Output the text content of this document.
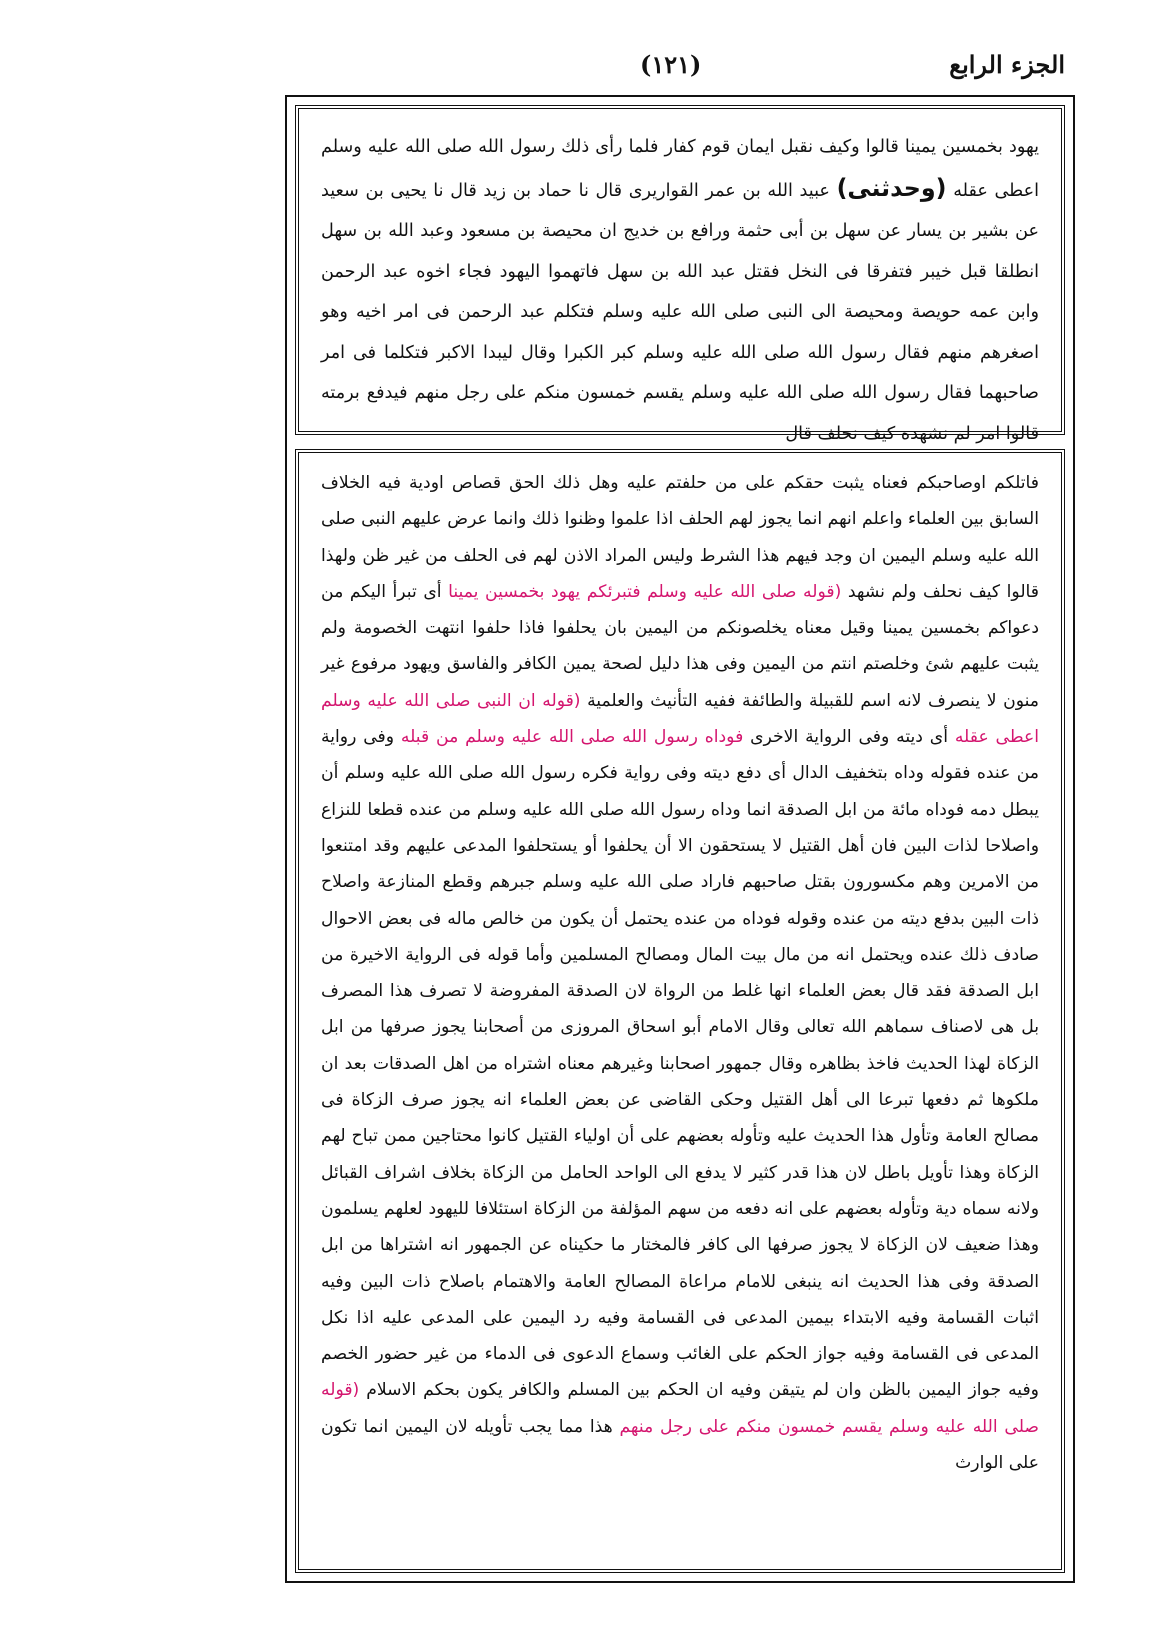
الجزء الرابع
(١٢١)

يهود بخمسين يمينا قالوا وكيف نقبل ايمان قوم كفار فلما رأى ذلك رسول الله صلى الله عليه وسلم اعطى عقله (وحدثنى) عبيد الله بن عمر القواريرى قال نا حماد بن زيد قال نا يحيى بن سعيد عن بشير بن يسار عن سهل بن أبى حثمة ورافع بن خديج ان محيصة بن مسعود وعبد الله بن سهل انطلقا قبل خيبر فتفرقا فى النخل فقتل عبد الله بن سهل فاتهموا اليهود فجاء اخوه عبد الرحمن وابن عمه حويصة ومحيصة الى النبى صلى الله عليه وسلم فتكلم عبد الرحمن فى امر اخيه وهو اصغرهم منهم فقال رسول الله صلى الله عليه وسلم كبر الكبرا وقال ليبدا الاكبر فتكلما فى امر صاحبهما فقال رسول الله صلى الله عليه وسلم يقسم خمسون منكم على رجل منهم فيدفع برمته قالوا امر لم نشهده كيف نحلف قال

فاتلكم اوصاحبكم فعناه يثبت حقكم على من حلفتم عليه وهل ذلك الحق قصاص اودية فيه الخلاف السابق بين العلماء واعلم انهم انما يجوز لهم الحلف اذا علموا وظنوا ذلك وانما عرض عليهم النبى صلى الله عليه وسلم اليمين ان وجد فيهم هذا الشرط وليس المراد الاذن لهم فى الحلف من غير ظن ولهذا قالوا كيف نحلف ولم نشهد (قوله صلى الله عليه وسلم فتبرئكم يهود بخمسين يمينا أى تبرأ اليكم من دعواكم بخمسين يمينا وقيل معناه يخلصونكم من اليمين بان يحلفوا فاذا حلفوا انتهت الخصومة ولم يثبت عليهم شئ وخلصتم انتم من اليمين وفى هذا دليل لصحة يمين الكافر والفاسق ويهود مرفوع غير منون لا ينصرف لانه اسم للقبيلة والطائفة ففيه التأنيث والعلمية (قوله ان النبى صلى الله عليه وسلم اعطى عقله أى ديته وفى الرواية الاخرى فوداه رسول الله صلى الله عليه وسلم من قبله وفى رواية من عنده فقوله وداه بتخفيف الدال أى دفع ديته وفى رواية فكره رسول الله صلى الله عليه وسلم أن يبطل دمه فوداه مائة من ابل الصدقة انما وداه رسول الله صلى الله عليه وسلم من عنده قطعا للنزاع واصلاحا لذات البين فان أهل القتيل لا يستحقون الا أن يحلفوا أو يستحلفوا المدعى عليهم وقد امتنعوا من الامرين وهم مكسورون بقتل صاحبهم فاراد صلى الله عليه وسلم جبرهم وقطع المنازعة واصلاح ذات البين بدفع ديته من عنده وقوله فوداه من عنده يحتمل أن يكون من خالص ماله فى بعض الاحوال صادف ذلك عنده ويحتمل انه من مال بيت المال ومصالح المسلمين وأما قوله فى الرواية الاخيرة من ابل الصدقة فقد قال بعض العلماء انها غلط من الرواة لان الصدقة المفروضة لا تصرف هذا المصرف بل هى لاصناف سماهم الله تعالى وقال الامام أبو اسحاق المروزى من أصحابنا يجوز صرفها من ابل الزكاة لهذا الحديث فاخذ بظاهره وقال جمهور اصحابنا وغيرهم معناه اشتراه من اهل الصدقات بعد ان ملكوها ثم دفعها تبرعا الى أهل القتيل وحكى القاضى عن بعض العلماء انه يجوز صرف الزكاة فى مصالح العامة وتأول هذا الحديث عليه وتأوله بعضهم على أن اولياء القتيل كانوا محتاجين ممن تباح لهم الزكاة وهذا تأويل باطل لان هذا قدر كثير لا يدفع الى الواحد الحامل من الزكاة بخلاف اشراف القبائل ولانه سماه دية وتأوله بعضهم على انه دفعه من سهم المؤلفة من الزكاة استئلافا لليهود لعلهم يسلمون وهذا ضعيف لان الزكاة لا يجوز صرفها الى كافر فالمختار ما حكيناه عن الجمهور انه اشتراها من ابل الصدقة وفى هذا الحديث انه ينبغى للامام مراعاة المصالح العامة والاهتمام باصلاح ذات البين وفيه اثبات القسامة وفيه الابتداء بيمين المدعى فى القسامة وفيه رد اليمين على المدعى عليه اذا نكل المدعى فى القسامة وفيه جواز الحكم على الغائب وسماع الدعوى فى الدماء من غير حضور الخصم وفيه جواز اليمين بالظن وان لم يتيقن وفيه ان الحكم بين المسلم والكافر يكون بحكم الاسلام (قوله صلى الله عليه وسلم يقسم خمسون منكم على رجل منهم هذا مما يجب تأويله لان اليمين انما تكون على الوارث
